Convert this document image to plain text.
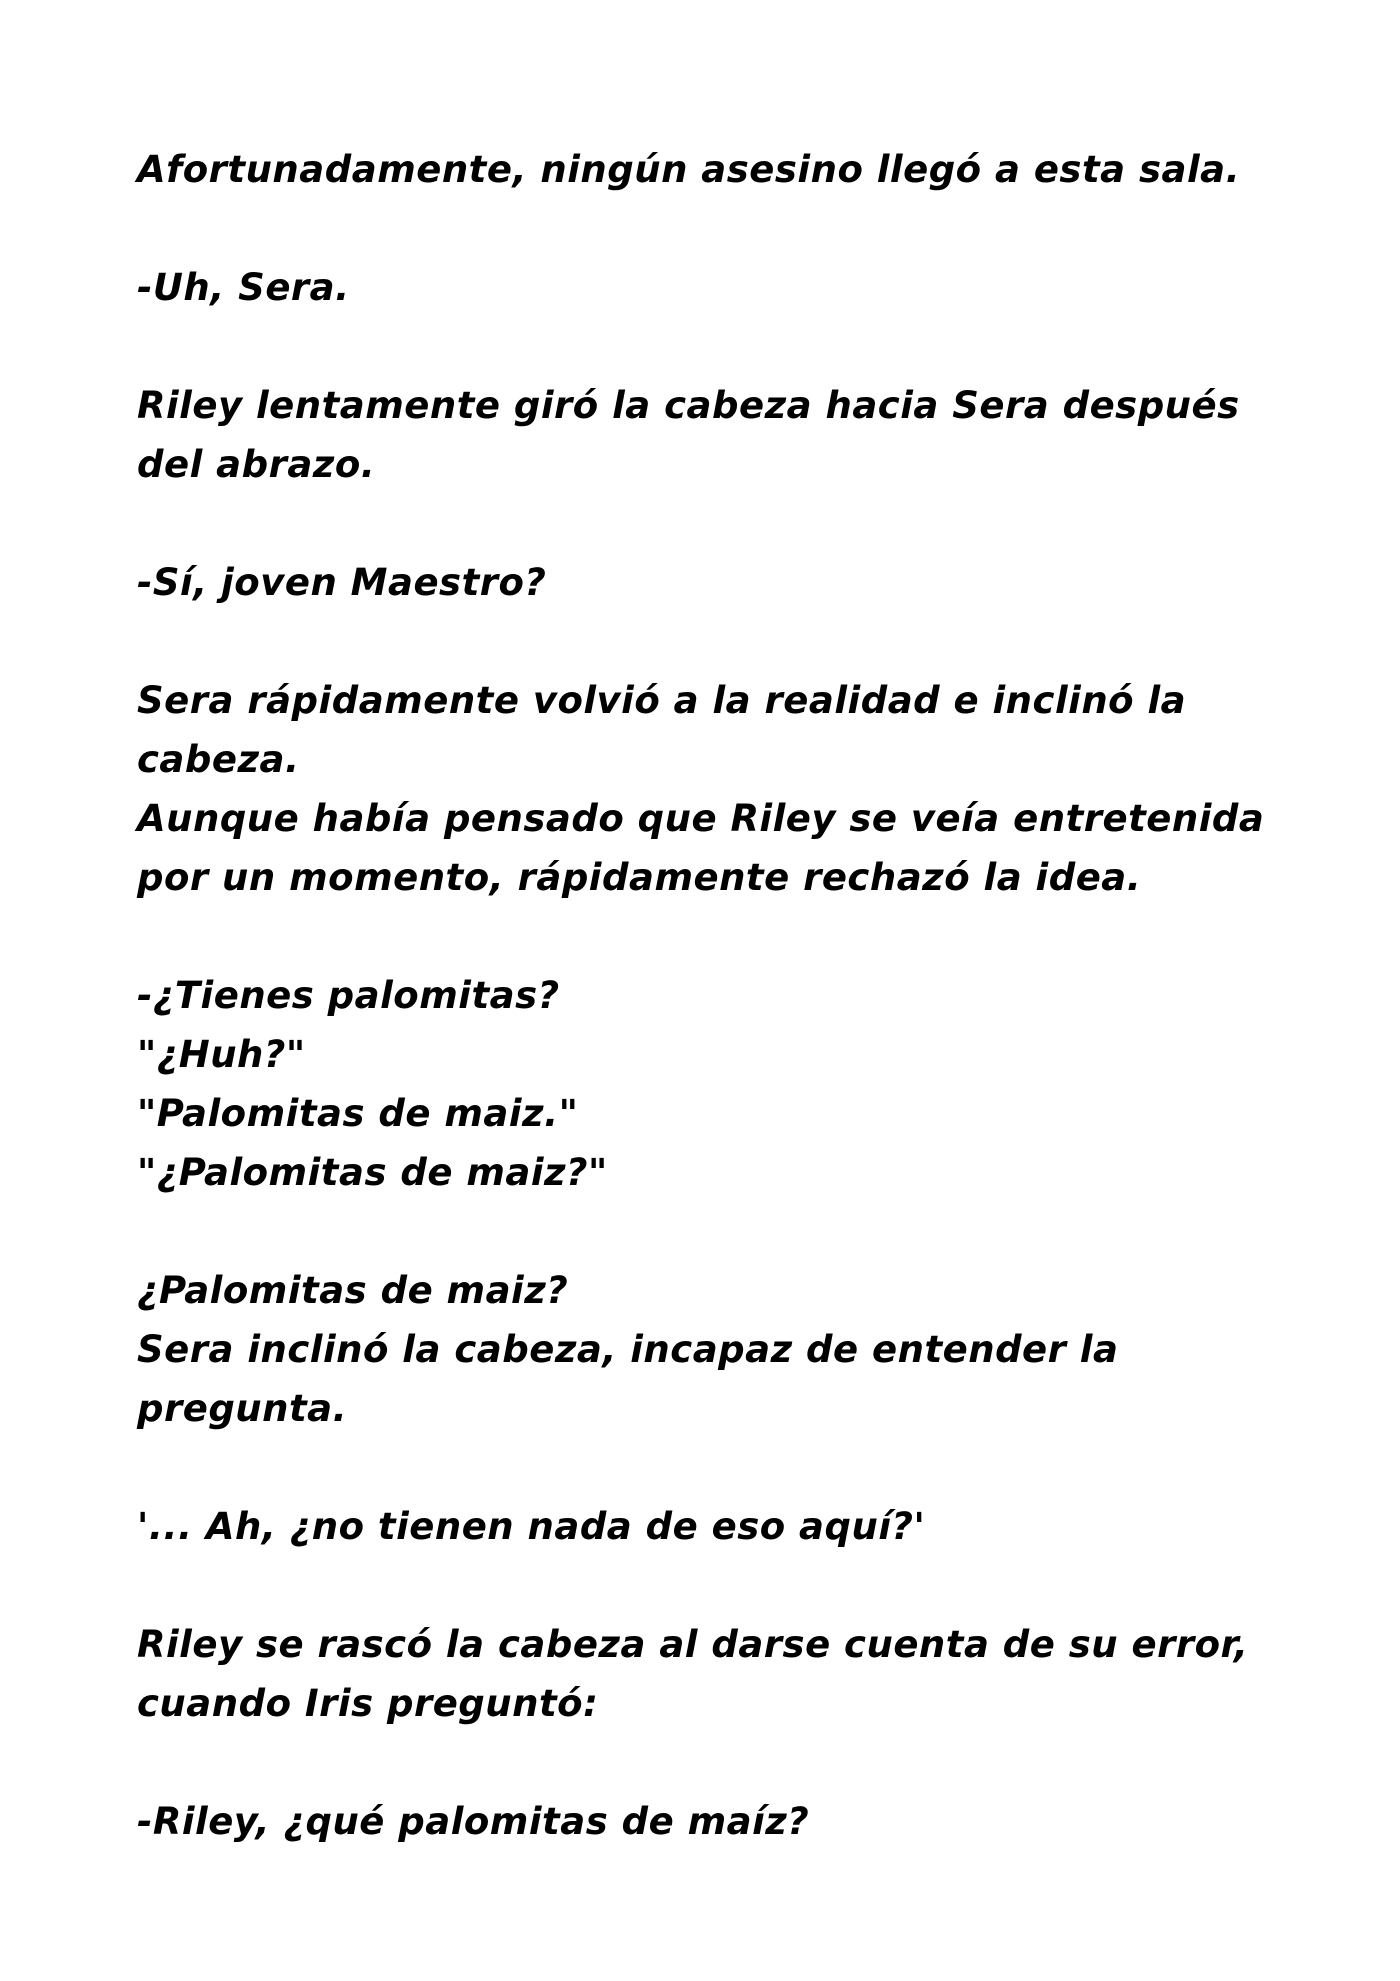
Afortunadamente, ningún asesino llegó a esta sala.

-Uh, Sera.

Riley lentamente giró la cabeza hacia Sera después
del abrazo.

-Sí, joven Maestro?

Sera rápidamente volvió a la realidad e inclinó la
cabeza.
Aunque había pensado que Riley se veía entretenida
por un momento, rápidamente rechazó la idea.

-¿Tienes palomitas?
"¿Huh?"
"Palomitas de maiz."
"¿Palomitas de maiz?"

¿Palomitas de maiz?
Sera inclinó la cabeza, incapaz de entender la
pregunta.

'... Ah, ¿no tienen nada de eso aquí?'

Riley se rascó la cabeza al darse cuenta de su error,
cuando Iris preguntó:

-Riley, ¿qué palomitas de maíz?
